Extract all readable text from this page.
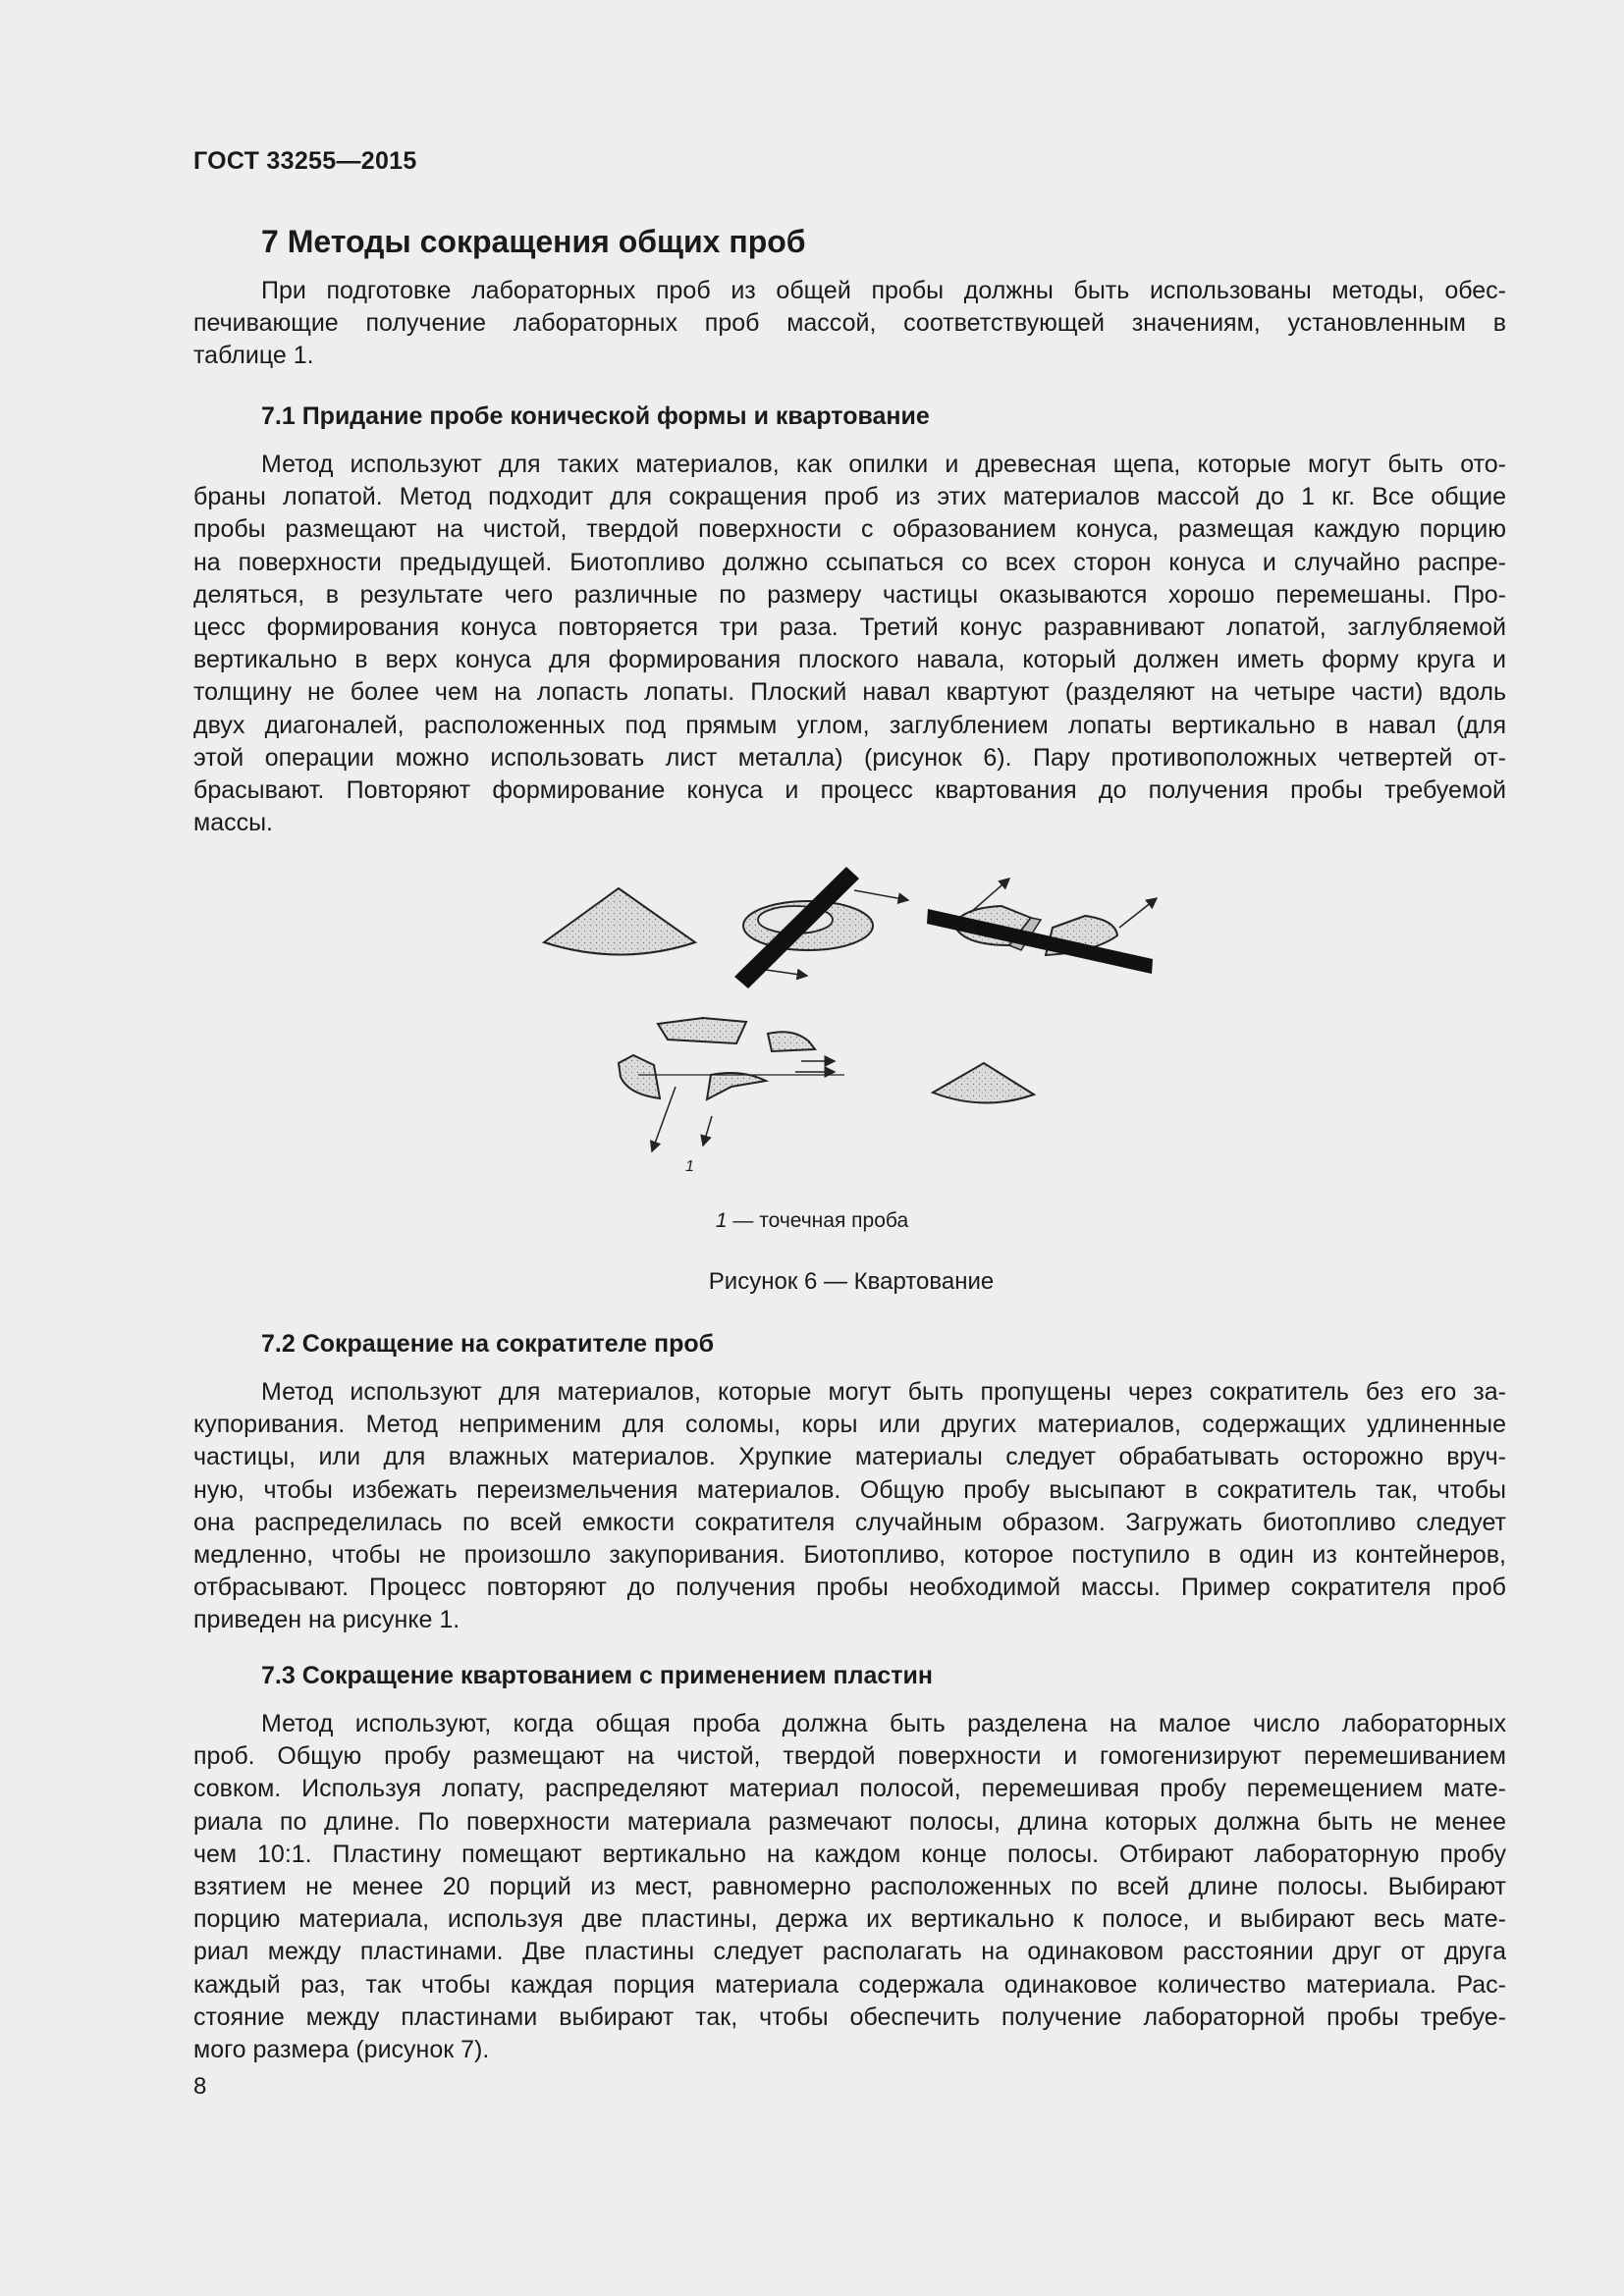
ГОСТ 33255—2015
7 Методы сокращения общих проб
При подготовке лабораторных проб из общей пробы должны быть использованы методы, обес-
печивающие получение лабораторных проб массой, соответствующей значениям, установленным в
таблице 1.
7.1 Придание пробе конической формы и квартование
Метод используют для таких материалов, как опилки и древесная щепа, которые могут быть ото-
браны лопатой. Метод подходит для сокращения проб из этих материалов массой до 1 кг. Все общие
пробы размещают на чистой, твердой поверхности с образованием конуса, размещая каждую порцию
на поверхности предыдущей. Биотопливо должно ссыпаться со всех сторон конуса и случайно распре-
деляться, в результате чего различные по размеру частицы оказываются хорошо перемешаны. Про-
цесс формирования конуса повторяется три раза. Третий конус разравнивают лопатой, заглубляемой
вертикально в верх конуса для формирования плоского навала, который должен иметь форму круга и
толщину не более чем на лопасть лопаты. Плоский навал квартуют (разделяют на четыре части) вдоль
двух диагоналей, расположенных под прямым углом, заглублением лопаты вертикально в навал (для
этой операции можно использовать лист металла) (рисунок 6). Пару противоположных четвертей от-
брасывают. Повторяют формирование конуса и процесс квартования до получения пробы требуемой
массы.
1
1 — точечная проба
Рисунок 6 — Квартование
7.2 Сокращение на сократителе проб
Метод используют для материалов, которые могут быть пропущены через сократитель без его за-
купоривания. Метод неприменим для соломы, коры или других материалов, содержащих удлиненные
частицы, или для влажных материалов. Хрупкие материалы следует обрабатывать осторожно вруч-
ную, чтобы избежать переизмельчения материалов. Общую пробу высыпают в сократитель так, чтобы
она распределилась по всей емкости сократителя случайным образом. Загружать биотопливо следует
медленно, чтобы не произошло закупоривания. Биотопливо, которое поступило в один из контейнеров,
отбрасывают. Процесс повторяют до получения пробы необходимой массы. Пример сократителя проб
приведен на рисунке 1.
7.3 Сокращение квартованием с применением пластин
Метод используют, когда общая проба должна быть разделена на малое число лабораторных
проб. Общую пробу размещают на чистой, твердой поверхности и гомогенизируют перемешиванием
совком. Используя лопату, распределяют материал полосой, перемешивая пробу перемещением мате-
риала по длине. По поверхности материала размечают полосы, длина которых должна быть не менее
чем 10:1. Пластину помещают вертикально на каждом конце полосы. Отбирают лабораторную пробу
взятием не менее 20 порций из мест, равномерно расположенных по всей длине полосы. Выбирают
порцию материала, используя две пластины, держа их вертикально к полосе, и выбирают весь мате-
риал между пластинами. Две пластины следует располагать на одинаковом расстоянии друг от друга
каждый раз, так чтобы каждая порция материала содержала одинаковое количество материала. Рас-
стояние между пластинами выбирают так, чтобы обеспечить получение лабораторной пробы требуе-
мого размера (рисунок 7).
8
